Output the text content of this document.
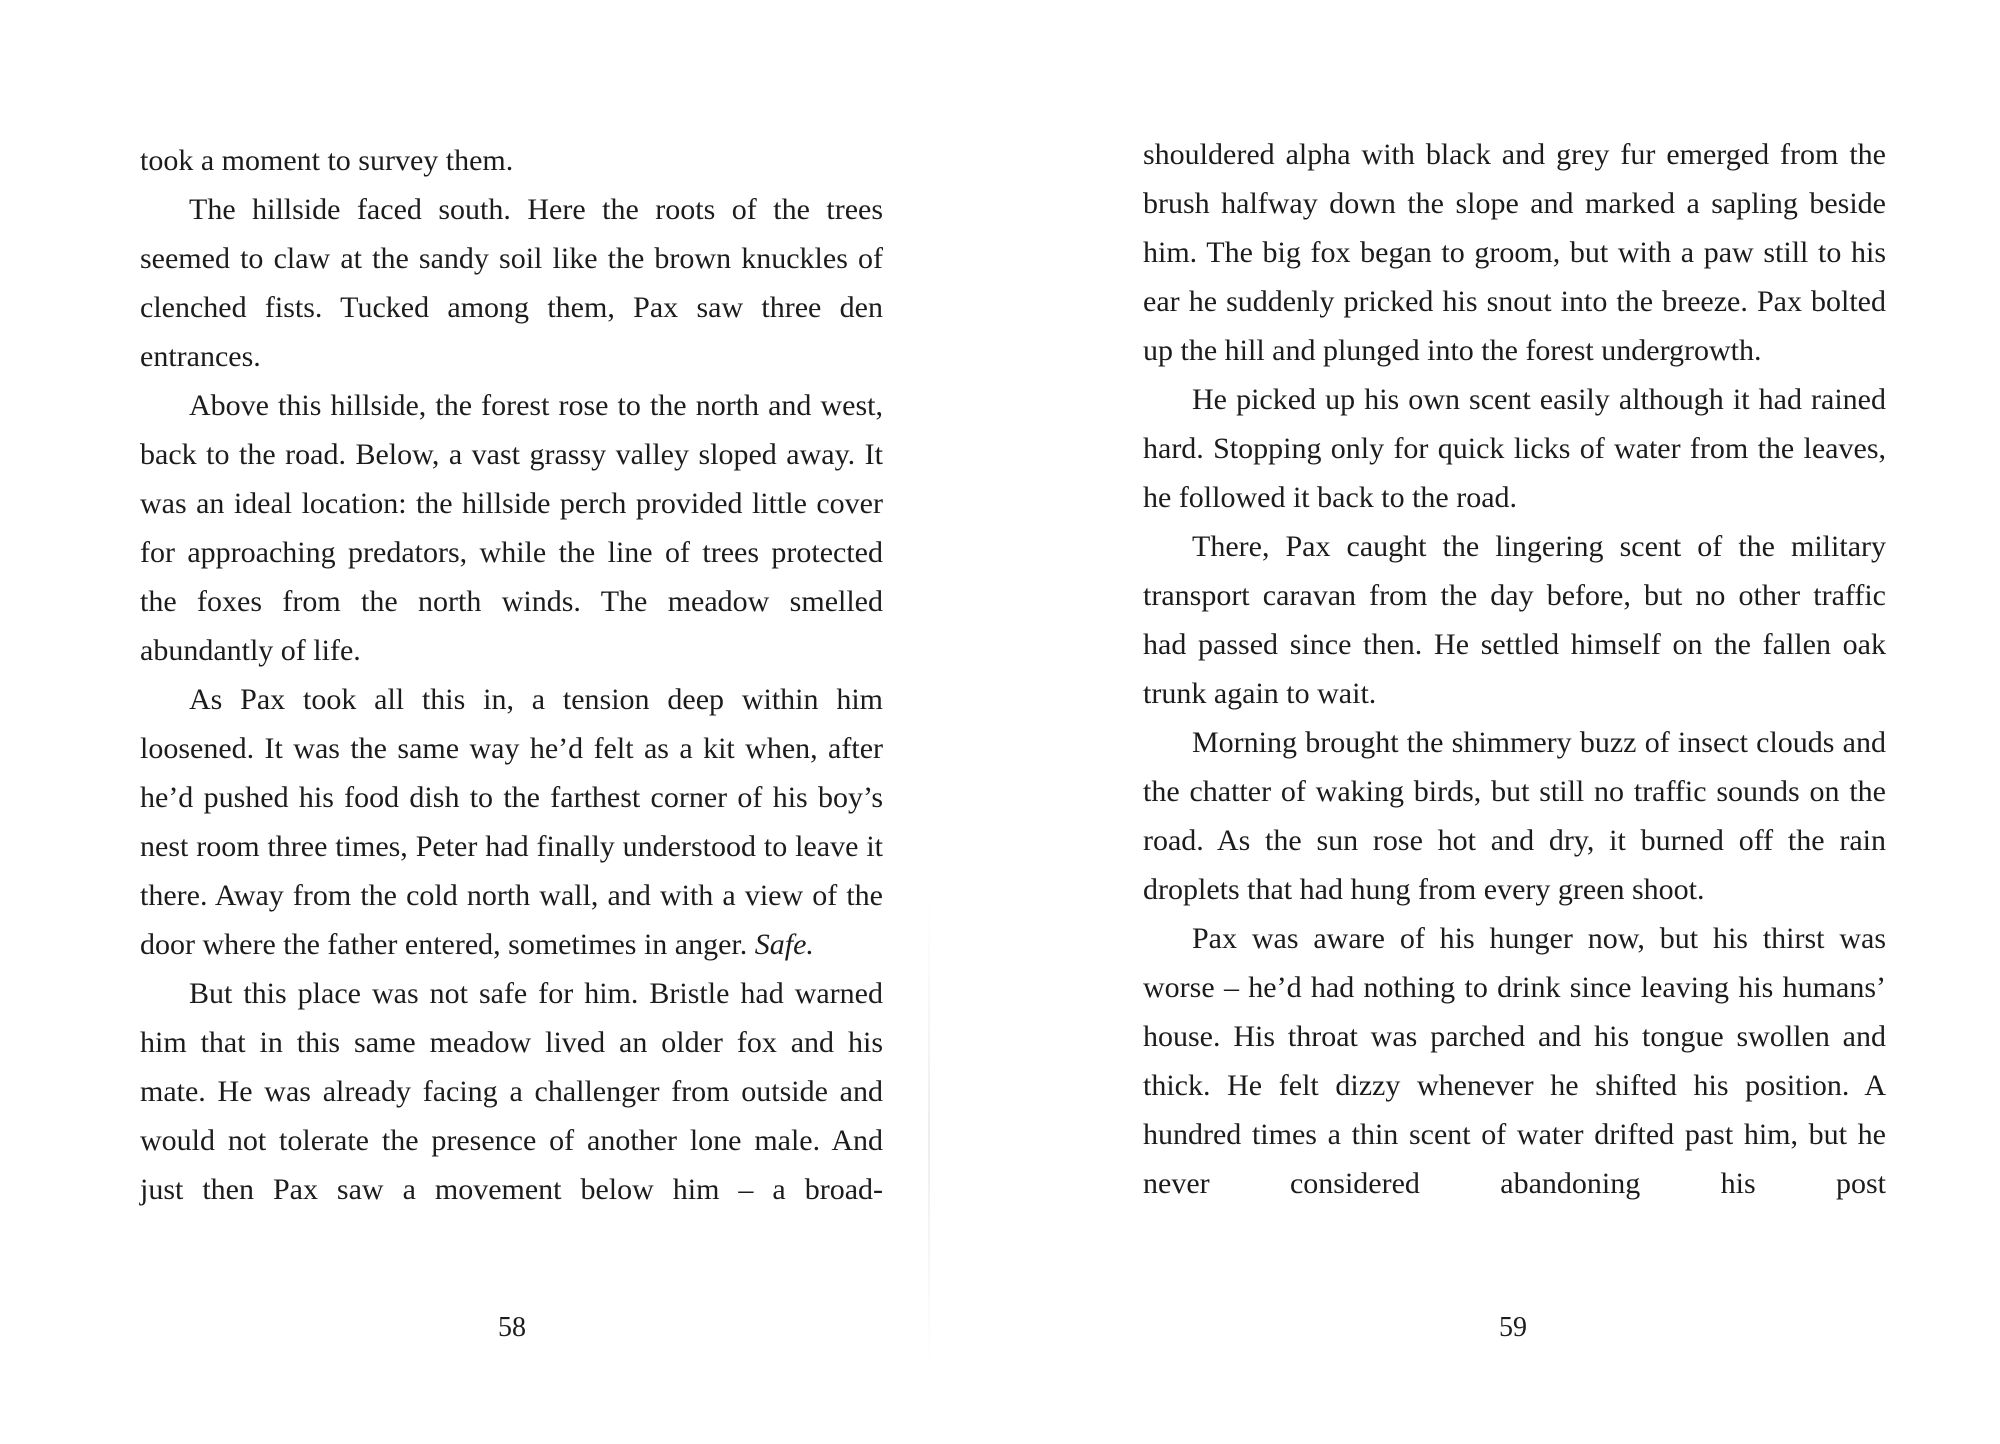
took a moment to survey them.

The hillside faced south. Here the roots of the trees seemed to claw at the sandy soil like the brown knuckles of clenched fists. Tucked among them, Pax saw three den entrances.

Above this hillside, the forest rose to the north and west, back to the road. Below, a vast grassy valley sloped away. It was an ideal location: the hillside perch provided little cover for approaching predators, while the line of trees protected the foxes from the north winds. The meadow smelled abundantly of life.

As Pax took all this in, a tension deep within him loosened. It was the same way he’d felt as a kit when, after he’d pushed his food dish to the farthest corner of his boy’s nest room three times, Peter had finally understood to leave it there. Away from the cold north wall, and with a view of the door where the father entered, sometimes in anger. Safe.

But this place was not safe for him. Bristle had warned him that in this same meadow lived an older fox and his mate. He was already facing a challenger from outside and would not tolerate the presence of another lone male. And just then Pax saw a movement below him – a broad-

58

shouldered alpha with black and grey fur emerged from the brush halfway down the slope and marked a sapling beside him. The big fox began to groom, but with a paw still to his ear he suddenly pricked his snout into the breeze. Pax bolted up the hill and plunged into the forest undergrowth.

He picked up his own scent easily although it had rained hard. Stopping only for quick licks of water from the leaves, he followed it back to the road.

There, Pax caught the lingering scent of the military transport caravan from the day before, but no other traffic had passed since then. He settled himself on the fallen oak trunk again to wait.

Morning brought the shimmery buzz of insect clouds and the chatter of waking birds, but still no traffic sounds on the road. As the sun rose hot and dry, it burned off the rain droplets that had hung from every green shoot.

Pax was aware of his hunger now, but his thirst was worse – he’d had nothing to drink since leaving his humans’ house. His throat was parched and his tongue swollen and thick. He felt dizzy whenever he shifted his position. A hundred times a thin scent of water drifted past him, but he never considered abandoning his post

59
